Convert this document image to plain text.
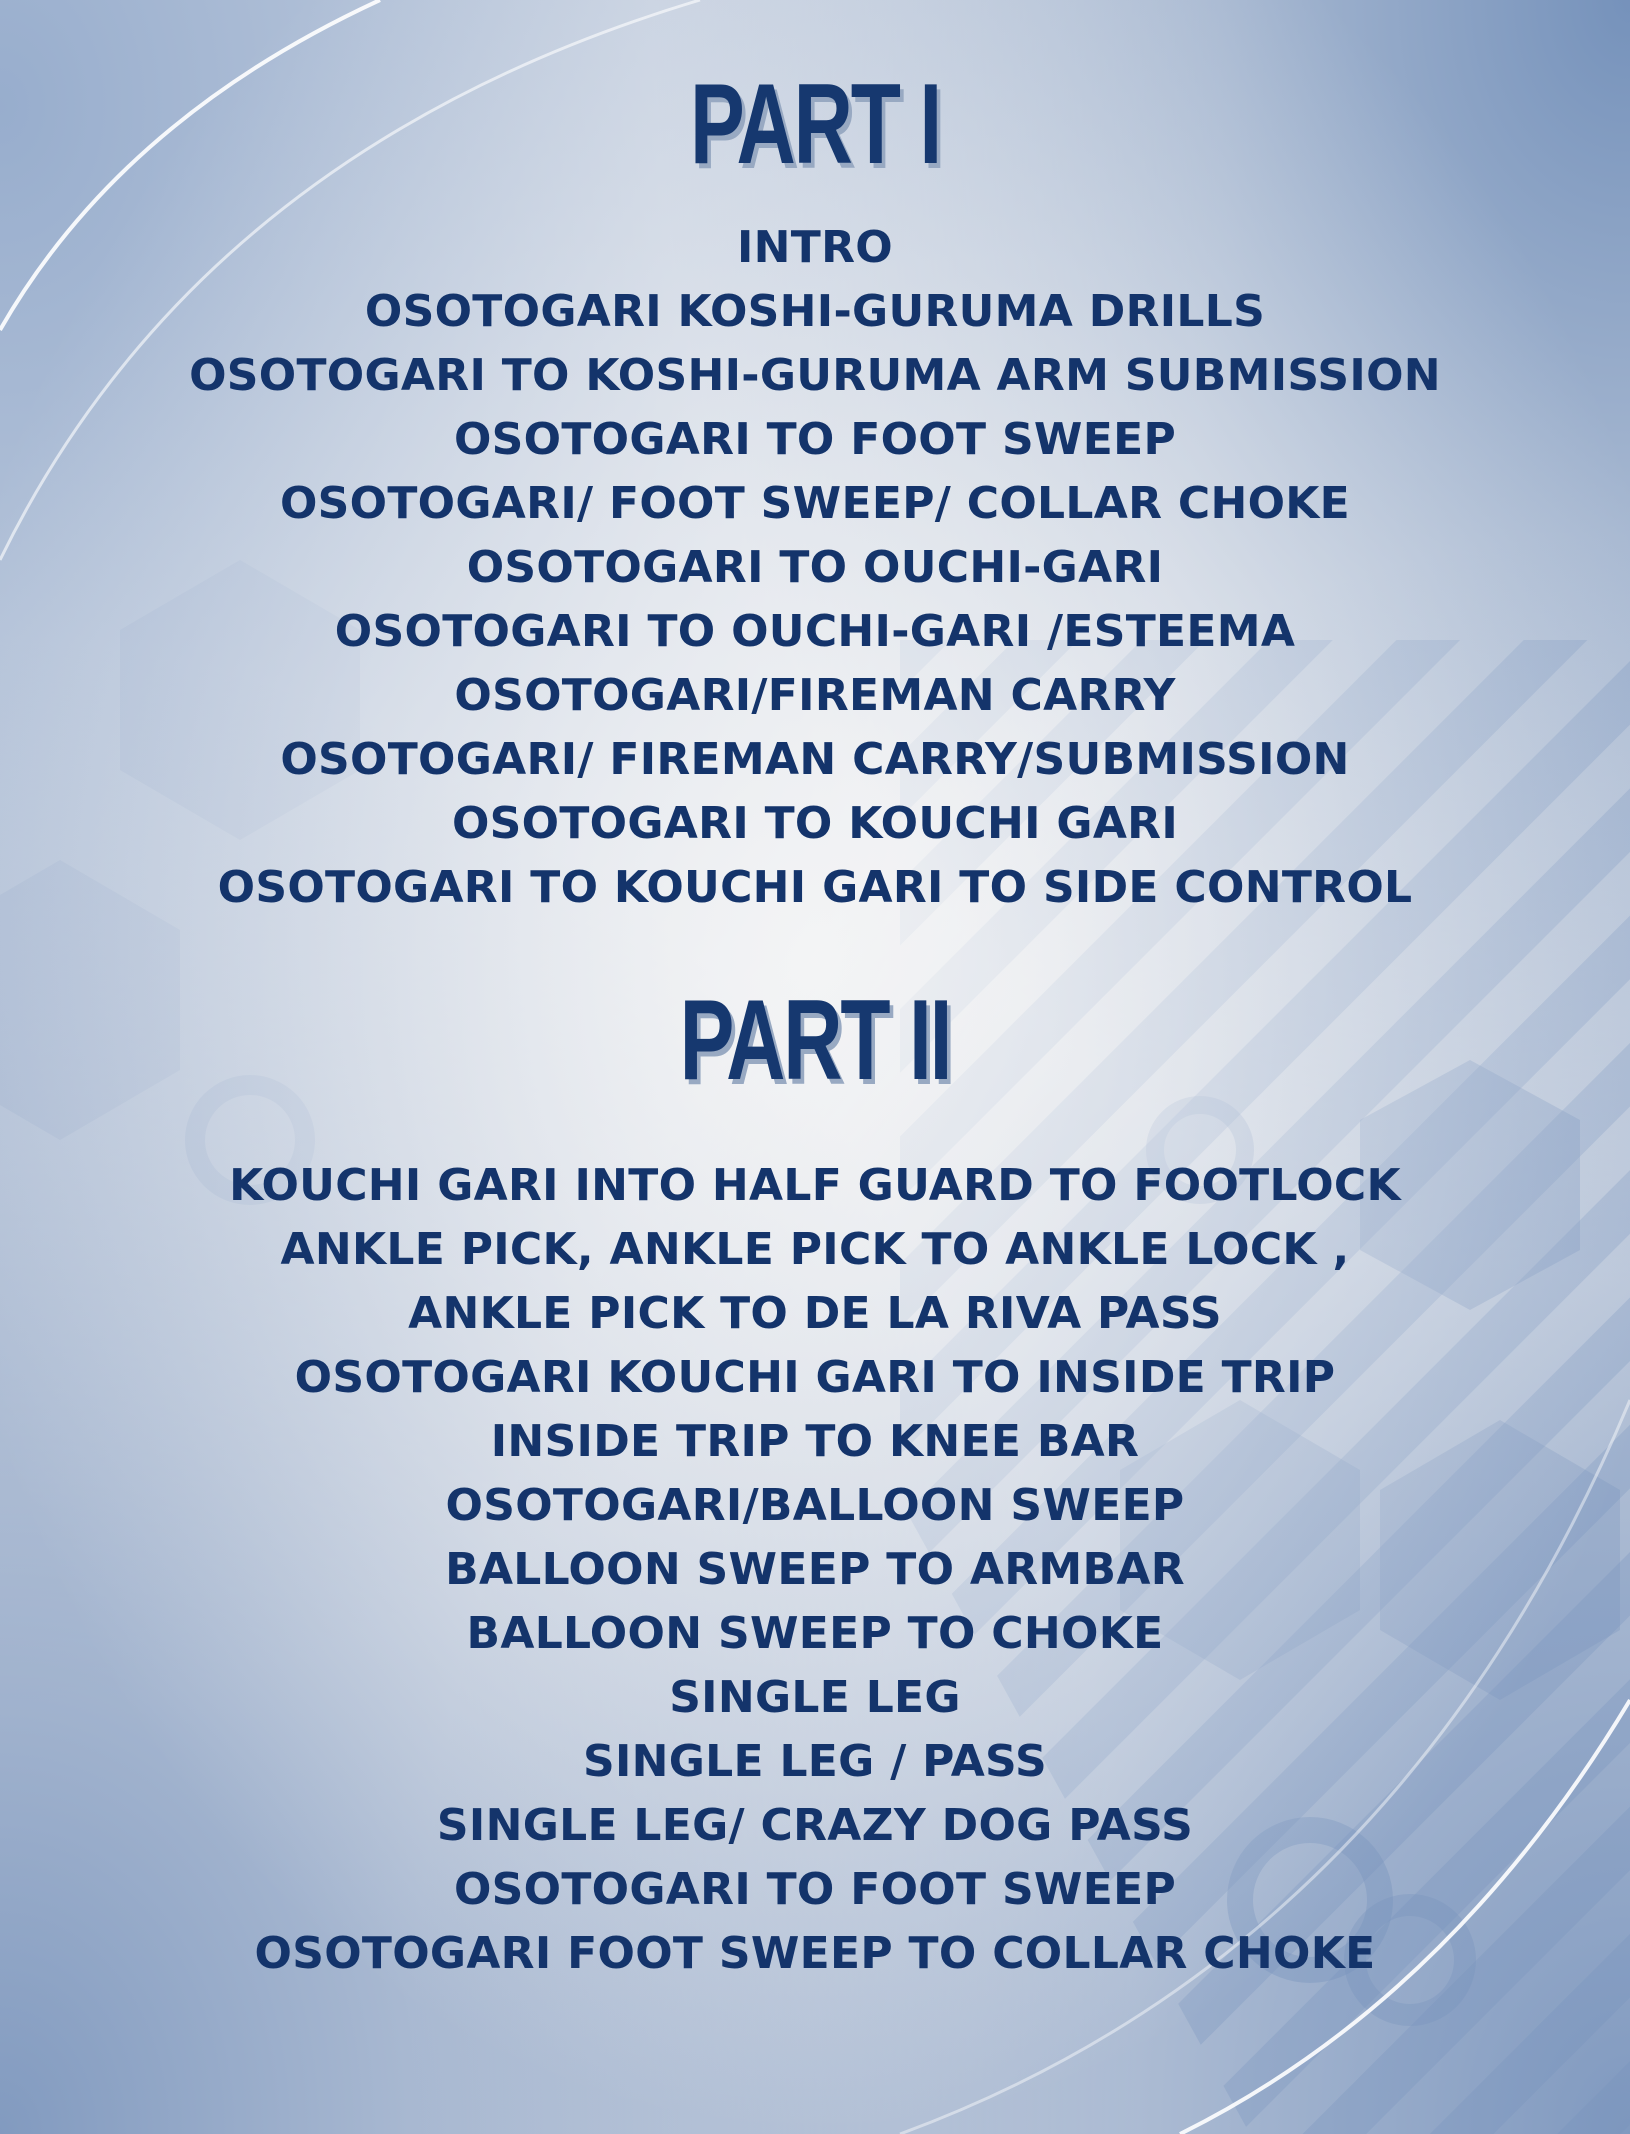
PART I
INTRO
OSOTOGARI KOSHI-GURUMA DRILLS
OSOTOGARI TO KOSHI-GURUMA ARM SUBMISSION
OSOTOGARI TO FOOT SWEEP
OSOTOGARI/ FOOT SWEEP/ COLLAR CHOKE
OSOTOGARI TO OUCHI-GARI
OSOTOGARI TO OUCHI-GARI /ESTEEMA
OSOTOGARI/FIREMAN CARRY
OSOTOGARI/ FIREMAN CARRY/SUBMISSION
OSOTOGARI TO KOUCHI GARI
OSOTOGARI TO KOUCHI GARI TO SIDE CONTROL
PART II
KOUCHI GARI INTO HALF GUARD TO FOOTLOCK
ANKLE PICK, ANKLE PICK TO ANKLE LOCK ,
ANKLE PICK TO DE LA RIVA PASS
OSOTOGARI KOUCHI GARI TO INSIDE TRIP
INSIDE TRIP TO KNEE BAR
OSOTOGARI/BALLOON SWEEP
BALLOON SWEEP TO ARMBAR
BALLOON SWEEP TO CHOKE
SINGLE LEG
SINGLE LEG / PASS
SINGLE LEG/ CRAZY DOG PASS
OSOTOGARI TO FOOT SWEEP
OSOTOGARI FOOT SWEEP TO COLLAR CHOKE
